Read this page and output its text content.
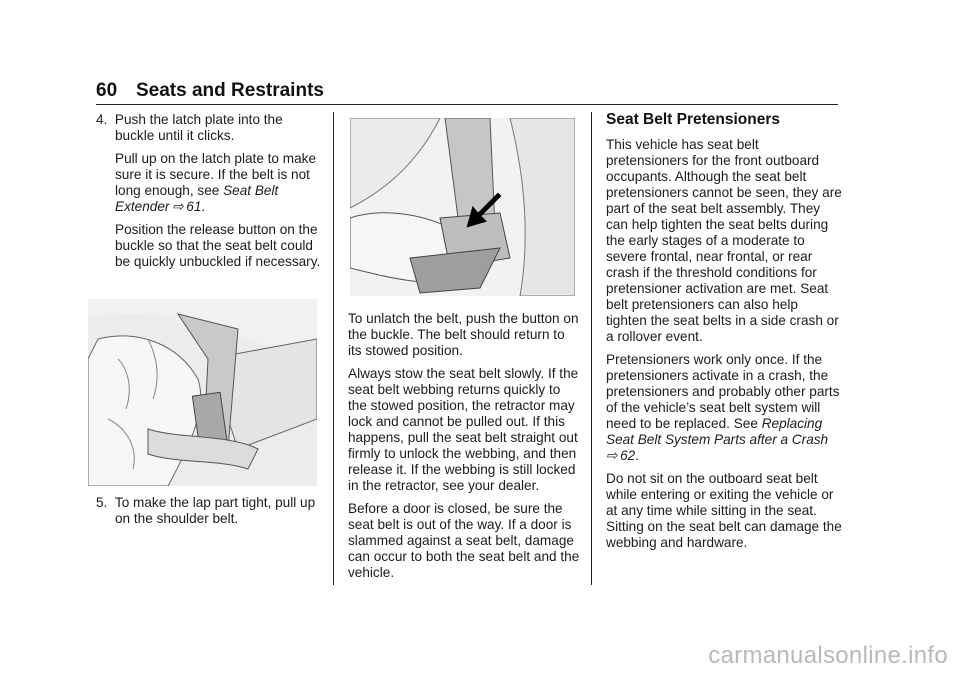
60 Seats and Restraints
4. Push the latch plate into the buckle until it clicks.
Pull up on the latch plate to make sure it is secure. If the belt is not long enough, see Seat Belt Extender  ⇨  61.
Position the release button on the buckle so that the seat belt could be quickly unbuckled if necessary.
5. To make the lap part tight, pull up on the shoulder belt.

To unlatch the belt, push the button on the buckle. The belt should return to its stowed position.

Always stow the seat belt slowly. If the seat belt webbing returns quickly to the stowed position, the retractor may lock and cannot be pulled out. If this happens, pull the seat belt straight out firmly to unlock the webbing, and then release it. If the webbing is still locked in the retractor, see your dealer.

Before a door is closed, be sure the seat belt is out of the way. If a door is slammed against a seat belt, damage can occur to both the seat belt and the vehicle.

Seat Belt Pretensioners

This vehicle has seat belt pretensioners for the front outboard occupants. Although the seat belt pretensioners cannot be seen, they are part of the seat belt assembly. They can help tighten the seat belts during the early stages of a moderate to severe frontal, near frontal, or rear crash if the threshold conditions for pretensioner activation are met. Seat belt pretensioners can also help tighten the seat belts in a side crash or a rollover event.

Pretensioners work only once. If the pretensioners activate in a crash, the pretensioners and probably other parts of the vehicle’s seat belt system will need to be replaced. See Replacing Seat Belt System Parts after a Crash ⇨  62.

Do not sit on the outboard seat belt while entering or exiting the vehicle or at any time while sitting in the seat. Sitting on the seat belt can damage the webbing and hardware.

carmanualsonline.info
